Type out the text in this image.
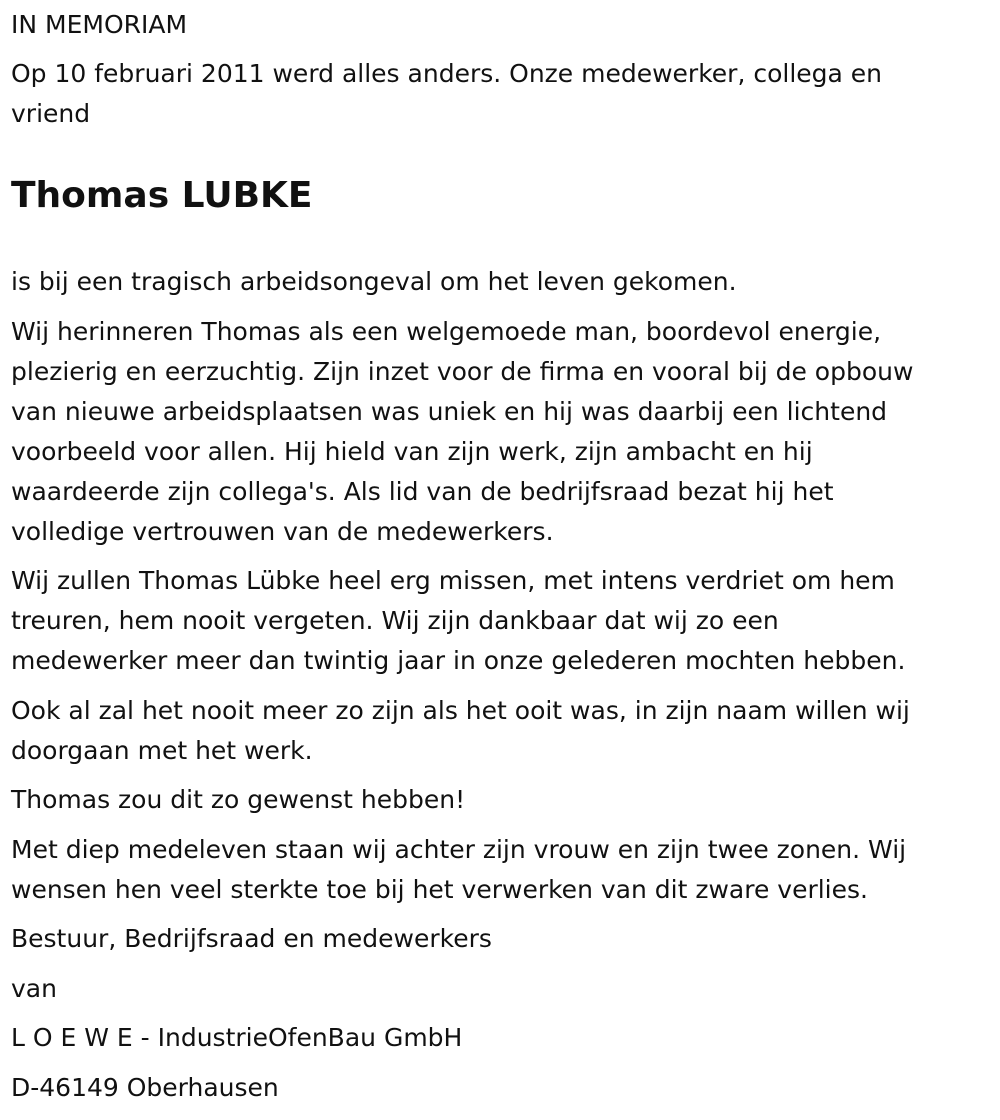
IN MEMORIAM

Op 10 februari 2011 werd alles anders. Onze medewerker, collega en
vriend

Thomas LUBKE

is bij een tragisch arbeidsongeval om het leven gekomen.

Wij herinneren Thomas als een welgemoede man, boordevol energie,
plezierig en eerzuchtig. Zijn inzet voor de firma en vooral bij de opbouw
van nieuwe arbeidsplaatsen was uniek en hij was daarbij een lichtend
voorbeeld voor allen. Hij hield van zijn werk, zijn ambacht en hij
waardeerde zijn collega's. Als lid van de bedrijfsraad bezat hij het
volledige vertrouwen van de medewerkers.

Wij zullen Thomas Lübke heel erg missen, met intens verdriet om hem
treuren, hem nooit vergeten. Wij zijn dankbaar dat wij zo een
medewerker meer dan twintig jaar in onze gelederen mochten hebben.

Ook al zal het nooit meer zo zijn als het ooit was, in zijn naam willen wij
doorgaan met het werk.

Thomas zou dit zo gewenst hebben!

Met diep medeleven staan wij achter zijn vrouw en zijn twee zonen. Wij
wensen hen veel sterkte toe bij het verwerken van dit zware verlies.

Bestuur, Bedrijfsraad en medewerkers
van
L O E W E - IndustrieOfenBau GmbH
D-46149 Oberhausen
